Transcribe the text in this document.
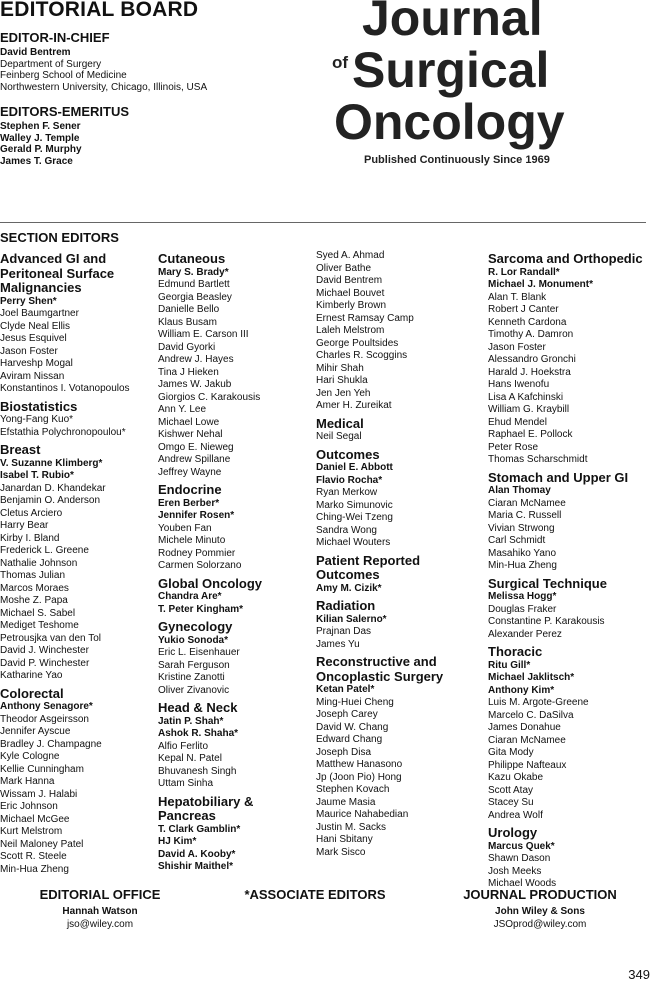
EDITORIAL BOARD
EDITOR-IN-CHIEF
David Bentrem
Department of Surgery
Feinberg School of Medicine
Northwestern University, Chicago, Illinois, USA
EDITORS-EMERITUS
Stephen F. Sener
Walley J. Temple
Gerald P. Murphy
James T. Grace
Journal
of Surgical
Oncology
Published Continuously Since 1969
SECTION EDITORS
Advanced GI and Peritoneal Surface Malignancies
Perry Shen*
Joel Baumgartner
Clyde Neal Ellis
Jesus Esquivel
Jason Foster
Harveshp Mogal
Aviram Nissan
Konstantinos I. Votanopoulos
Biostatistics
Yong-Fang Kuo*
Efstathia Polychronopoulou*
Breast
V. Suzanne Klimberg*
Isabel T. Rubio*
Janardan D. Khandekar
Benjamin O. Anderson
Cletus Arciero
Harry Bear
Kirby I. Bland
Frederick L. Greene
Nathalie Johnson
Thomas Julian
Marcos Moraes
Moshe Z. Papa
Michael S. Sabel
Mediget Teshome
Petrousjka van den Tol
David J. Winchester
David P. Winchester
Katharine Yao
Colorectal
Anthony Senagore*
Theodor Asgeirsson
Jennifer Ayscue
Bradley J. Champagne
Kyle Cologne
Kellie Cunningham
Mark Hanna
Wissam J. Halabi
Eric Johnson
Michael McGee
Kurt Melstrom
Neil Maloney Patel
Scott R. Steele
Min-Hua Zheng
Cutaneous
Mary S. Brady*
Edmund Bartlett
Georgia Beasley
Danielle Bello
Klaus Busam
William E. Carson III
David Gyorki
Andrew J. Hayes
Tina J Hieken
James W. Jakub
Giorgios C. Karakousis
Ann Y. Lee
Michael Lowe
Kishwer Nehal
Omgo E. Nieweg
Andrew Spillane
Jeffrey Wayne
Endocrine
Eren Berber*
Jennifer Rosen*
Youben Fan
Michele Minuto
Rodney Pommier
Carmen Solorzano
Global Oncology
Chandra Are*
T. Peter Kingham*
Gynecology
Yukio Sonoda*
Eric L. Eisenhauer
Sarah Ferguson
Kristine Zanotti
Oliver Zivanovic
Head & Neck
Jatin P. Shah*
Ashok R. Shaha*
Alfio Ferlito
Kepal N. Patel
Bhuvanesh Singh
Uttam Sinha
Hepatobiliary & Pancreas
T. Clark Gamblin*
HJ Kim*
David A. Kooby*
Shishir Maithel*
Syed A. Ahmad
Oliver Bathe
David Bentrem
Michael Bouvet
Kimberly Brown
Ernest Ramsay Camp
Laleh Melstrom
George Poultsides
Charles R. Scoggins
Mihir Shah
Hari Shukla
Jen Jen Yeh
Amer H. Zureikat
Medical
Neil Segal
Outcomes
Daniel E. Abbott
Flavio Rocha*
Ryan Merkow
Marko Simunovic
Ching-Wei Tzeng
Sandra Wong
Michael Wouters
Patient Reported Outcomes
Amy M. Cizik*
Radiation
Kilian Salerno*
Prajnan Das
James Yu
Reconstructive and Oncoplastic Surgery
Ketan Patel*
Ming-Huei Cheng
Joseph Carey
David W. Chang
Edward Chang
Joseph Disa
Matthew Hanasono
Jp (Joon Pio) Hong
Stephen Kovach
Jaume Masia
Maurice Nahabedian
Justin M. Sacks
Hani Sbitany
Mark Sisco
Sarcoma and Orthopedic
R. Lor Randall*
Michael J. Monument*
Alan T. Blank
Robert J Canter
Kenneth Cardona
Timothy A. Damron
Jason Foster
Alessandro Gronchi
Harald J. Hoekstra
Hans Iwenofu
Lisa A Kafchinski
William G. Kraybill
Ehud Mendel
Raphael E. Pollock
Peter Rose
Thomas Scharschmidt
Stomach and Upper GI
Alan Thomay
Ciaran McNamee
Maria C. Russell
Vivian Strwong
Carl Schmidt
Masahiko Yano
Min-Hua Zheng
Surgical Technique
Melissa Hogg*
Douglas Fraker
Constantine P. Karakousis
Alexander Perez
Thoracic
Ritu Gill*
Michael Jaklitsch*
Anthony Kim*
Luis M. Argote-Greene
Marcelo C. DaSilva
James Donahue
Ciaran McNamee
Gita Mody
Philippe Nafteaux
Kazu Okabe
Scott Atay
Stacey Su
Andrea Wolf
Urology
Marcus Quek*
Shawn Dason
Josh Meeks
Michael Woods
EDITORIAL OFFICE
Hannah Watson
jso@wiley.com
*ASSOCIATE EDITORS	JOURNAL PRODUCTION
John Wiley & Sons
JSOprod@wiley.com
349
